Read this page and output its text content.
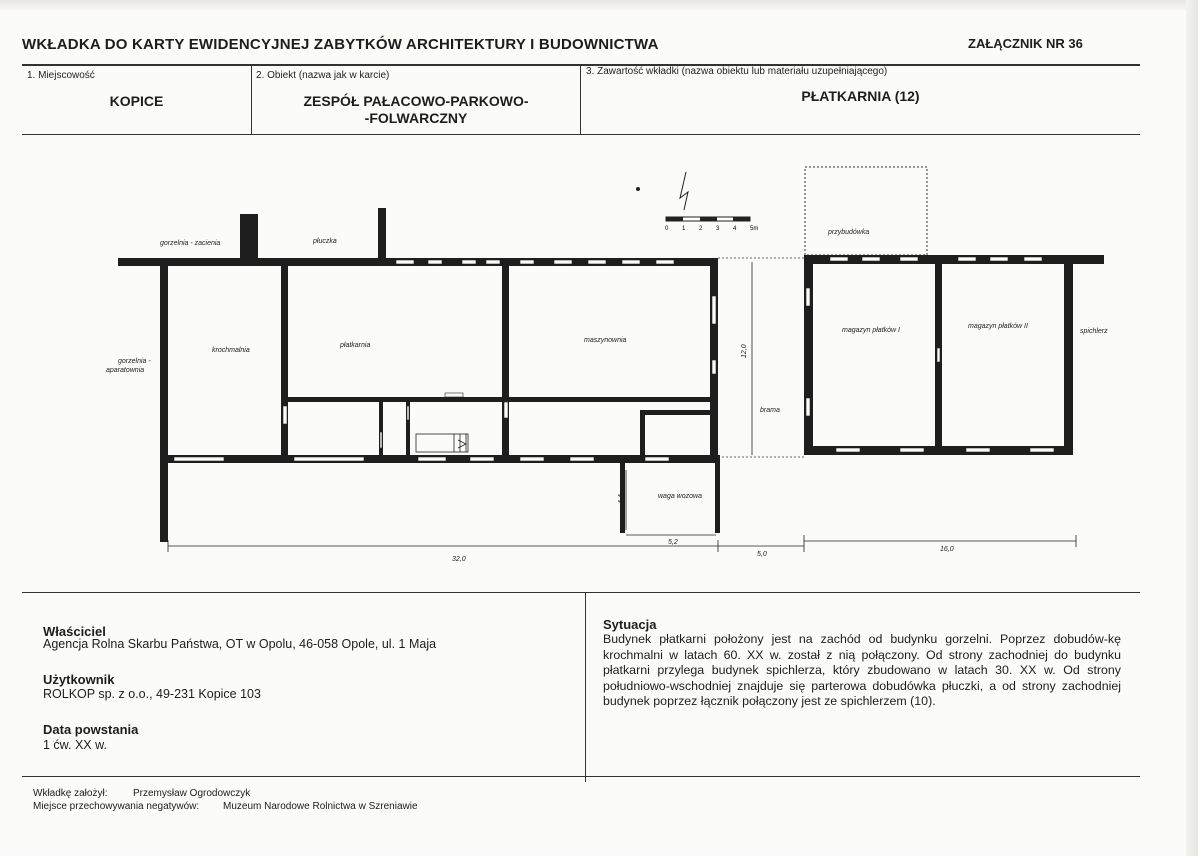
WKŁADKA DO KARTY EWIDENCYJNEJ ZABYTKÓW ARCHITEKTURY I BUDOWNICTWA	ZAŁĄCZNIK NR 36
1. Miejscowość
KOPICE
2. Obiekt (nazwa jak w karcie)
ZESPÓŁ PAŁACOWO-PARKOWO-
-FOLWARCZNY
3. Zawartość wkładki (nazwa obiektu lub materiału uzupełniającego)
PŁATKARNIA (12)
0 1 2 3 4 5m
gorzelnia - zacienia	płuczka
przybudówka
gorzelnia -
aparatownia
krochmalnia
płatkarnia
maszynownia
magazyn płatków I
magazyn płatków II
spichlerz
brama
waga wozowa
32,0
5,0
16,0
5,2
12,0
4,4
Właściciel
Agencja Rolna Skarbu Państwa, OT w Opolu, 46-058 Opole, ul. 1 Maja
Użytkownik
ROLKOP sp. z o.o., 49-231 Kopice 103
Data powstania
1 ćw. XX w.
Sytuacja
Budynek płatkarni położony jest na zachód od budynku gorzelni. Poprzez dobudów-kę krochmalni w latach 60. XX w. został z nią połączony. Od strony zachodniej do budynku płatkarni przylega budynek spichlerza, który zbudowano w latach 30. XX w. Od strony południowo-wschodniej znajduje się parterowa dobudówka płuczki, a od strony zachodniej budynek poprzez łącznik połączony jest ze spichlerzem (10).
Wkładkę założył:	Przemysław Ogrodowczyk
Miejsce przechowywania negatywów: Muzeum Narodowe Rolnictwa w Szreniawie
